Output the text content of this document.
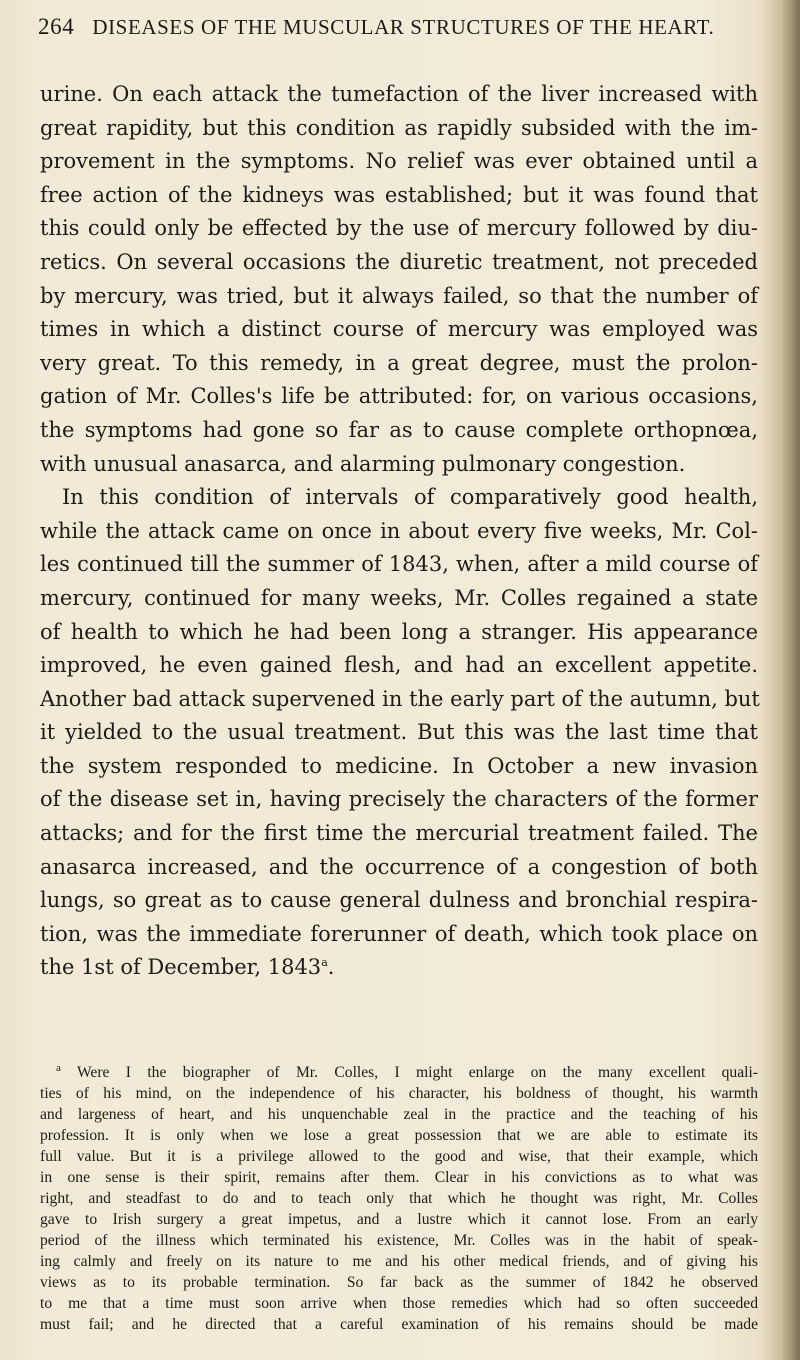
264 DISEASES OF THE MUSCULAR STRUCTURES OF THE HEART.
urine. On each attack the tumefaction of the liver increased with
great rapidity, but this condition as rapidly subsided with the im-
provement in the symptoms. No relief was ever obtained until a
free action of the kidneys was established; but it was found that
this could only be effected by the use of mercury followed by diu-
retics. On several occasions the diuretic treatment, not preceded
by mercury, was tried, but it always failed, so that the number of
times in which a distinct course of mercury was employed was
very great. To this remedy, in a great degree, must the prolon-
gation of Mr. Colles's life be attributed: for, on various occasions,
the symptoms had gone so far as to cause complete orthopnœa,
with unusual anasarca, and alarming pulmonary congestion.
In this condition of intervals of comparatively good health,
while the attack came on once in about every five weeks, Mr. Col-
les continued till the summer of 1843, when, after a mild course of
mercury, continued for many weeks, Mr. Colles regained a state
of health to which he had been long a stranger. His appearance
improved, he even gained flesh, and had an excellent appetite.
Another bad attack supervened in the early part of the autumn, but
it yielded to the usual treatment. But this was the last time that
the system responded to medicine. In October a new invasion
of the disease set in, having precisely the characters of the former
attacks; and for the first time the mercurial treatment failed. The
anasarca increased, and the occurrence of a congestion of both
lungs, so great as to cause general dulness and bronchial respira-
tion, was the immediate forerunner of death, which took place on
the 1st of December, 1843$^a$.
$^a$ Were I the biographer of Mr. Colles, I might enlarge on the many excellent quali-
ties of his mind, on the independence of his character, his boldness of thought, his warmth
and largeness of heart, and his unquenchable zeal in the practice and the teaching of his
profession. It is only when we lose a great possession that we are able to estimate its
full value. But it is a privilege allowed to the good and wise, that their example, which
in one sense is their spirit, remains after them. Clear in his convictions as to what was
right, and steadfast to do and to teach only that which he thought was right, Mr. Colles
gave to Irish surgery a great impetus, and a lustre which it cannot lose. From an early
period of the illness which terminated his existence, Mr. Colles was in the habit of speak-
ing calmly and freely on its nature to me and his other medical friends, and of giving his
views as to its probable termination. So far back as the summer of 1842 he observed
to me that a time must soon arrive when those remedies which had so often succeeded
must fail; and he directed that a careful examination of his remains should be made
